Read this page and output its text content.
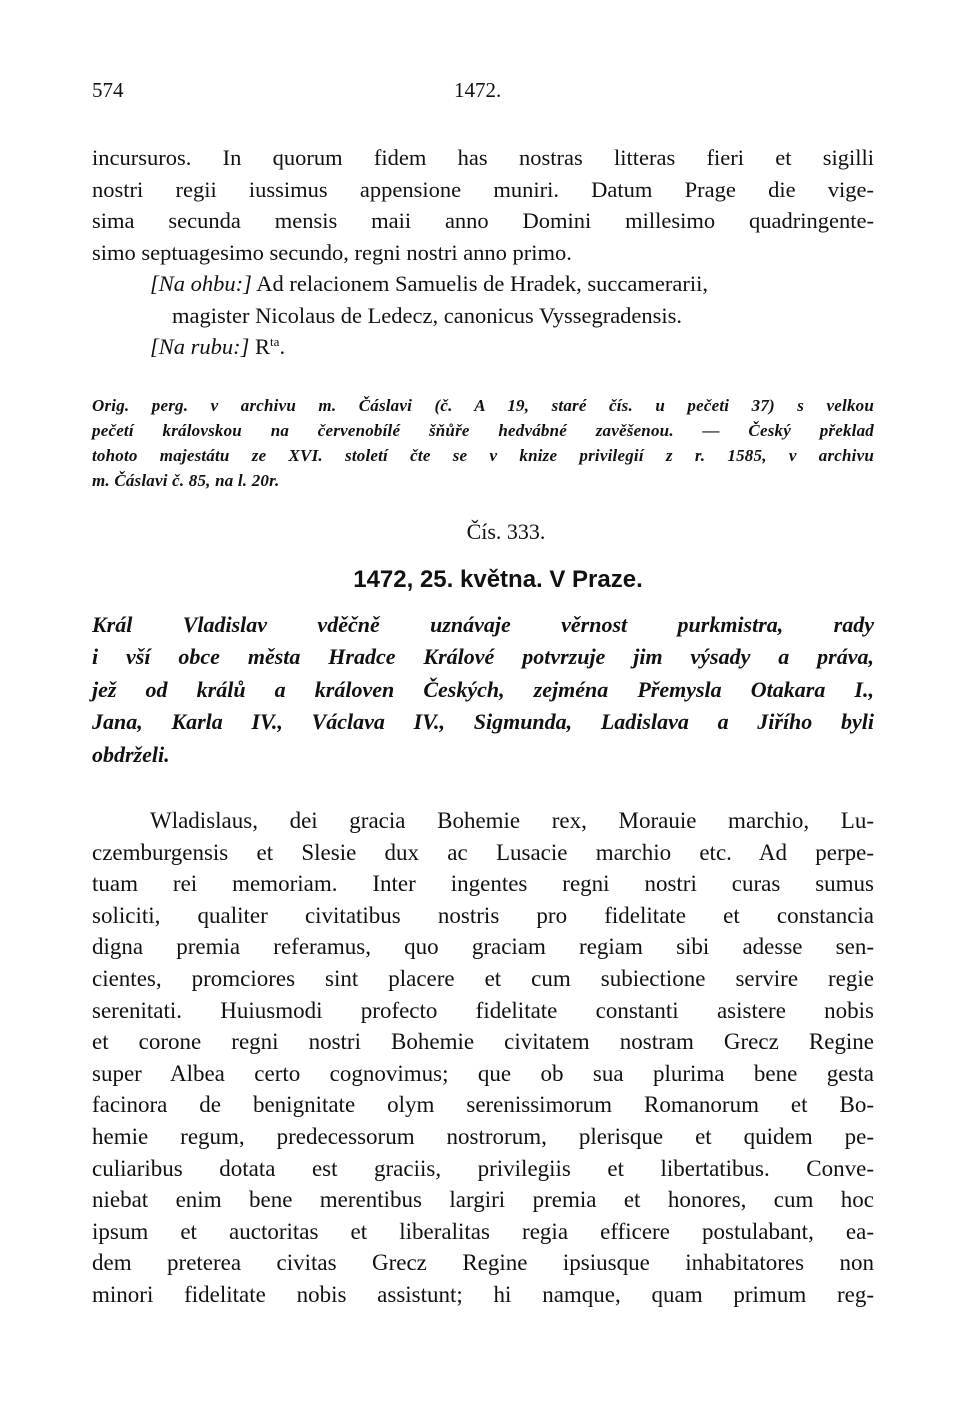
574	1472.
incursuros. In quorum fidem has nostras litteras fieri et sigilli
nostri regii iussimus appensione muniri. Datum Prage die vige-
sima secunda mensis maii anno Domini millesimo quadringente-
simo septuagesimo secundo, regni nostri anno primo.
[Na ohbu:] Ad relacionem Samuelis de Hradek, succamerarii,
magister Nicolaus de Ledecz, canonicus Vyssegradensis.
[Na rubu:] $R^{ta}$.
Orig. perg. v archivu m. Čáslavi (č. A 19, staré čís. u pečeti 37) s velkou
pečetí královskou na červenobílé šňůře hedvábné zavěšenou. — Český překlad
tohoto majestátu ze XVI. století čte se v knize privilegií z r. 1585, v archivu
m. Čáslavi č. 85, na l. 20r.
Čís. 333.
1472, 25. května. V Praze.
Král Vladislav vděčně uznávaje věrnost purkmistra, rady
i vší obce města Hradce Králové potvrzuje jim výsady a práva,
jež od králů a královen Českých, zejména Přemysla Otakara I.,
Jana, Karla IV., Václava IV., Sigmunda, Ladislava a Jiřího byli
obdrželi.
Wladislaus, dei gracia Bohemie rex, Morauie marchio, Lu-
czemburgensis et Slesie dux ac Lusacie marchio etc. Ad perpe-
tuam rei memoriam. Inter ingentes regni nostri curas sumus
soliciti, qualiter civitatibus nostris pro fidelitate et constancia
digna premia referamus, quo graciam regiam sibi adesse sen-
cientes, promciores sint placere et cum subiectione servire regie
serenitati. Huiusmodi profecto fidelitate constanti asistere nobis
et corone regni nostri Bohemie civitatem nostram Grecz Regine
super Albea certo cognovimus; que ob sua plurima bene gesta
facinora de benignitate olym serenissimorum Romanorum et Bo-
hemie regum, predecessorum nostrorum, plerisque et quidem pe-
culiaribus dotata est graciis, privilegiis et libertatibus. Conve-
niebat enim bene merentibus largiri premia et honores, cum hoc
ipsum et auctoritas et liberalitas regia efficere postulabant, ea-
dem preterea civitas Grecz Regine ipsiusque inhabitatores non
minori fidelitate nobis assistunt; hi namque, quam primum reg-
